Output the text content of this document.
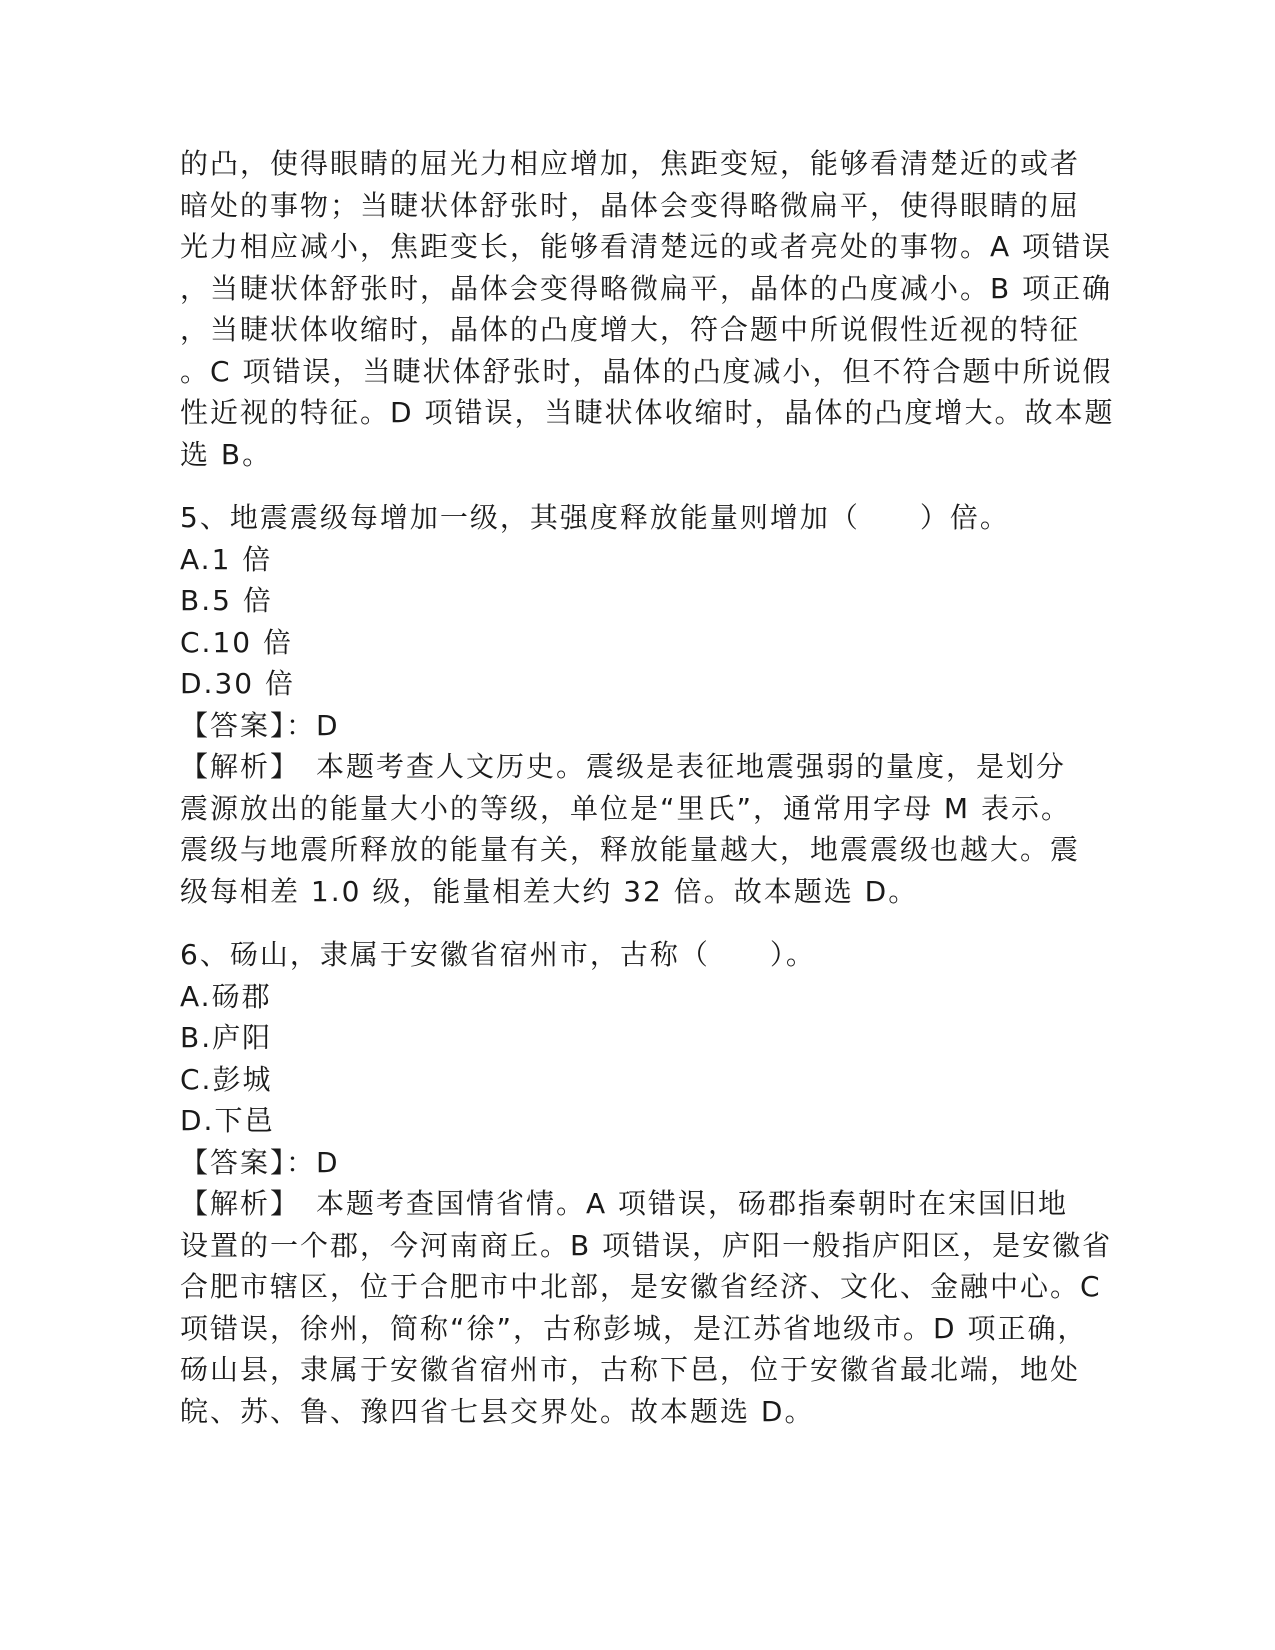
的凸，使得眼睛的屈光力相应增加，焦距变短，能够看清楚近的或者
暗处的事物；当睫状体舒张时，晶体会变得略微扁平，使得眼睛的屈
光力相应减小，焦距变长，能够看清楚远的或者亮处的事物。A 项错误
，当睫状体舒张时，晶体会变得略微扁平，晶体的凸度减小。B 项正确
，当睫状体收缩时，晶体的凸度增大，符合题中所说假性近视的特征
。C 项错误，当睫状体舒张时，晶体的凸度减小，但不符合题中所说假
性近视的特征。D 项错误，当睫状体收缩时，晶体的凸度增大。故本题
选 B。
5、地震震级每增加一级，其强度释放能量则增加（　　）倍。
A.1 倍
B.5 倍
C.10 倍
D.30 倍
【答案】：D
【解析】　本题考查人文历史。震级是表征地震强弱的量度，是划分
震源放出的能量大小的等级，单位是“里氏”，通常用字母 M 表示。
震级与地震所释放的能量有关，释放能量越大，地震震级也越大。震
级每相差 1.0 级，能量相差大约 32 倍。故本题选 D。
6、砀山，隶属于安徽省宿州市，古称（　　）。
A.砀郡
B.庐阳
C.彭城
D.下邑
【答案】：D
【解析】　本题考查国情省情。A 项错误，砀郡指秦朝时在宋国旧地
设置的一个郡，今河南商丘。B 项错误，庐阳一般指庐阳区，是安徽省
合肥市辖区，位于合肥市中北部，是安徽省经济、文化、金融中心。C
项错误，徐州，简称“徐”，古称彭城，是江苏省地级市。D 项正确，
砀山县，隶属于安徽省宿州市，古称下邑，位于安徽省最北端，地处
皖、苏、鲁、豫四省七县交界处。故本题选 D。
